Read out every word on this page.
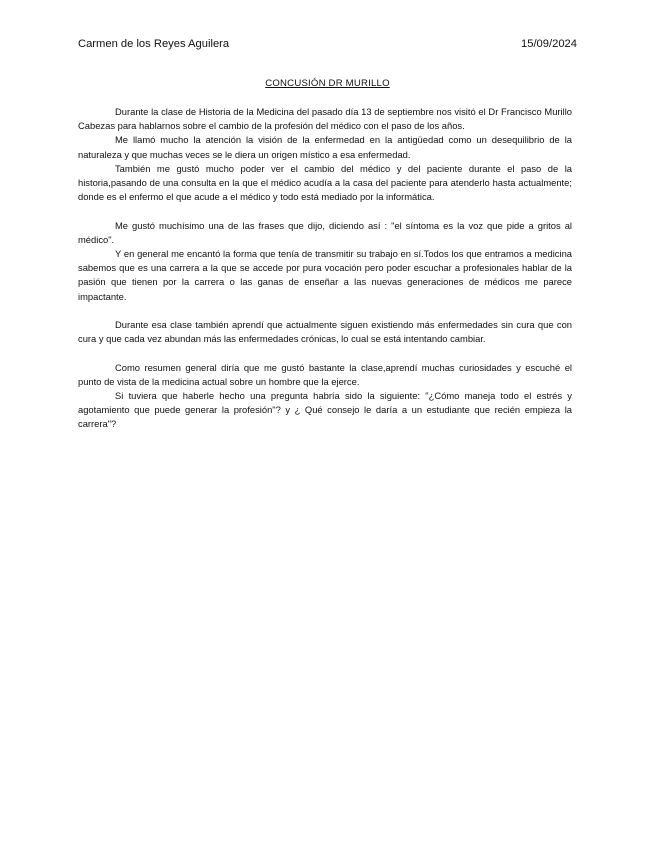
Carmen de los Reyes Aguilera	15/09/2024
CONCUSIÓN DR MURILLO

Durante la clase de Historia de la Medicina del pasado día 13 de septiembre nos visitó el Dr Francisco Murillo Cabezas para hablarnos sobre el cambio de la profesión del médico con el paso de los años.

Me llamó mucho la atención la visión de la enfermedad en la antigüedad como un desequilibrio de la naturaleza y que muchas veces se le diera un origen místico a esa enfermedad.

También me gustó mucho poder ver el cambio del médico y del paciente durante el paso de la historia,pasando de una consulta en la que el médico acudía a la casa del paciente para atenderlo hasta actualmente; donde es el enfermo el que acude a el médico y todo está mediado por la informática.

Me gustó muchísimo una de las frases que dijo, diciendo así : "el síntoma es la voz que pide a gritos al médico".

Y en general me encantó la forma que tenía de transmitir su trabajo en sí.Todos los que entramos a medicina sabemos que es una carrera a la que se accede por pura vocación pero poder escuchar a profesionales hablar de la pasión que tienen por la carrera o las ganas de enseñar a las nuevas generaciones de médicos me parece impactante.

Durante esa clase también aprendí que actualmente siguen existiendo más enfermedades sin cura que con cura y que cada vez abundan más las enfermedades crónicas, lo cual se está intentando cambiar.

Como resumen general diría que me gustó bastante la clase,aprendí muchas curiosidades y escuché el punto de vista de la medicina actual sobre un hombre que la ejerce.

Si tuviera que haberle hecho una pregunta habría sido la siguiente: "¿Cómo maneja todo el estrés y agotamiento que puede generar la profesión"? y ¿ Qué consejo le daría a un estudiante que recién empieza la carrera"?
